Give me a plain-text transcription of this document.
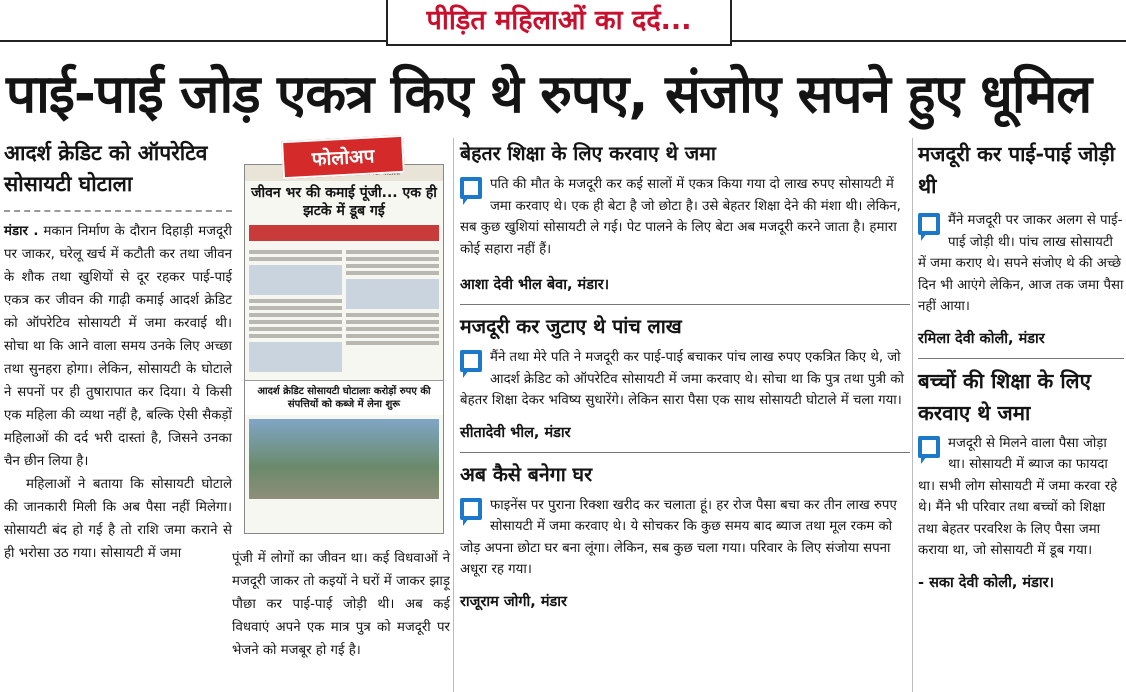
पीड़ित महिलाओं का दर्द...
पाई-पाई जोड़ एकत्र किए थे रुपए, संजोए सपने हुए धूमिल
आदर्श क्रेडिट को ऑपरेटिव सोसायटी घोटाला

मंडार . मकान निर्माण के दौरान दिहाड़ी मजदूरी पर जाकर, घरेलू खर्च में कटौती कर तथा जीवन के शौक तथा खुशियों से दूर रहकर पाई-पाई एकत्र कर जीवन की गाढ़ी कमाई आदर्श क्रेडिट को ऑपरेटिव सोसायटी में जमा करवाई थी। सोचा था कि आने वाला समय उनके लिए अच्छा तथा सुनहरा होगा। लेकिन, सोसायटी के घोटाले ने सपनों पर ही तुषारापात कर दिया। ये किसी एक महिला की व्यथा नहीं है, बल्कि ऐसी सैकड़ों महिलाओं की दर्द भरी दास्तां है, जिसने उनका चैन छीन लिया है।

महिलाओं ने बताया कि सोसायटी घोटाले की जानकारी मिली कि अब पैसा नहीं मिलेगा। सोसायटी बंद हो गई है तो राशि जमा कराने से ही भरोसा उठ गया। सोसायटी में जमा

फोलोअप
जीवन भर की कमाई पूंजी... एक ही झटके में डूब गई
आदर्श क्रेडिट सोसायटी घोटालाः करोड़ों रुपए की संपत्तियों को कब्जे में लेना शुरू

पूंजी में लोगों का जीवन था। कई विधवाओं ने मजदूरी जाकर तो कइयों ने घरों में जाकर झाड़ू पौछा कर पाई-पाई जोड़ी थी। अब कई विधवाएं अपने एक मात्र पुत्र को मजदूरी पर भेजने को मजबूर हो गई है।

बेहतर शिक्षा के लिए करवाए थे जमा
पति की मौत के मजदूरी कर कई सालों में एकत्र किया गया दो लाख रुपए सोसायटी में जमा करवाए थे। एक ही बेटा है जो छोटा है। उसे बेहतर शिक्षा देने की मंशा थी। लेकिन, सब कुछ खुशियां सोसायटी ले गई। पेट पालने के लिए बेटा अब मजदूरी करने जाता है। हमारा कोई सहारा नहीं हैं।
आशा देवी भील बेवा, मंडार।
मजदूरी कर जुटाए थे पांच लाख
मैंने तथा मेरे पति ने मजदूरी कर पाई-पाई बचाकर पांच लाख रुपए एकत्रित किए थे, जो आदर्श क्रेडिट को ऑपरेटिव सोसायटी में जमा करवाए थे। सोचा था कि पुत्र तथा पुत्री को बेहतर शिक्षा देकर भविष्य सुधारेंगे। लेकिन सारा पैसा एक साथ सोसायटी घोटाले में चला गया।
सीतादेवी भील, मंडार
अब कैसे बनेगा घर
फाइनेंस पर पुराना रिक्शा खरीद कर चलाता हूं। हर रोज पैसा बचा कर तीन लाख रुपए सोसायटी में जमा करवाए थे। ये सोचकर कि कुछ समय बाद ब्याज तथा मूल रकम को जोड़ अपना छोटा घर बना लूंगा। लेकिन, सब कुछ चला गया। परिवार के लिए संजोया सपना अधूरा रह गया।
राजूराम जोगी, मंडार
मजदूरी कर पाई-पाई जोड़ी थी
मैंने मजदूरी पर जाकर अलग से पाई-पाई जोड़ी थी। पांच लाख सोसायटी में जमा कराए थे। सपने संजोए थे की अच्छे दिन भी आएंगे लेकिन, आज तक जमा पैसा नहीं आया।
रमिला देवी कोली, मंडार
बच्चों की शिक्षा के लिए करवाए थे जमा
मजदूरी से मिलने वाला पैसा जोड़ा था। सोसायटी में ब्याज का फायदा था। सभी लोग सोसायटी में जमा करवा रहे थे। मैंने भी परिवार तथा बच्चों को शिक्षा तथा बेहतर परवरिश के लिए पैसा जमा कराया था, जो सोसायटी में डूब गया।
- सका देवी कोली, मंडार।
